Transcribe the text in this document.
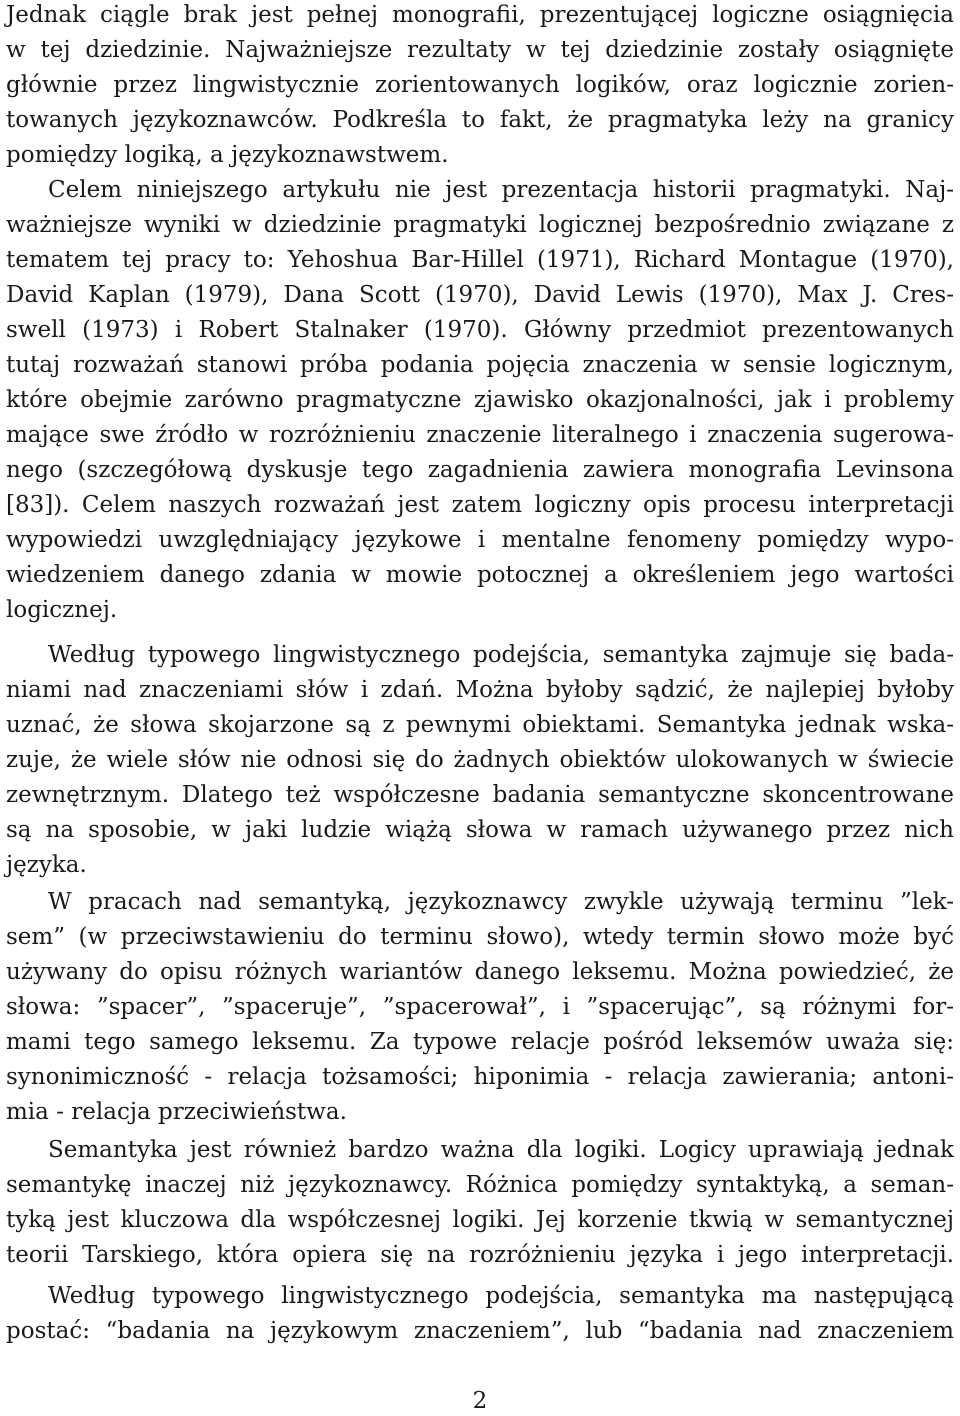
Jednak ciągle brak jest pełnej monografii, prezentującej logiczne osiągnięcia
w tej dziedzinie. Najważniejsze rezultaty w tej dziedzinie zostały osiągnięte
głównie przez lingwistycznie zorientowanych logików, oraz logicznie zorien-
towanych językoznawców. Podkreśla to fakt, że pragmatyka leży na granicy
pomiędzy logiką, a językoznawstwem.
Celem niniejszego artykułu nie jest prezentacja historii pragmatyki. Naj-
ważniejsze wyniki w dziedzinie pragmatyki logicznej bezpośrednio związane z
tematem tej pracy to: Yehoshua Bar-Hillel (1971), Richard Montague (1970),
David Kaplan (1979), Dana Scott (1970), David Lewis (1970), Max J. Cres-
swell (1973) i Robert Stalnaker (1970). Główny przedmiot prezentowanych
tutaj rozważań stanowi próba podania pojęcia znaczenia w sensie logicznym,
które obejmie zarówno pragmatyczne zjawisko okazjonalności, jak i problemy
mające swe źródło w rozróżnieniu znaczenie literalnego i znaczenia sugerowa-
nego (szczegółową dyskusje tego zagadnienia zawiera monografia Levinsona
[83]). Celem naszych rozważań jest zatem logiczny opis procesu interpretacji
wypowiedzi uwzględniający językowe i mentalne fenomeny pomiędzy wypo-
wiedzeniem danego zdania w mowie potocznej a określeniem jego wartości
logicznej.
Według typowego lingwistycznego podejścia, semantyka zajmuje się bada-
niami nad znaczeniami słów i zdań. Można byłoby sądzić, że najlepiej byłoby
uznać, że słowa skojarzone są z pewnymi obiektami. Semantyka jednak wska-
zuje, że wiele słów nie odnosi się do żadnych obiektów ulokowanych w świecie
zewnętrznym. Dlatego też współczesne badania semantyczne skoncentrowane
są na sposobie, w jaki ludzie wiążą słowa w ramach używanego przez nich
języka.
W pracach nad semantyką, językoznawcy zwykle używają terminu ”lek-
sem” (w przeciwstawieniu do terminu słowo), wtedy termin słowo może być
używany do opisu różnych wariantów danego leksemu. Można powiedzieć, że
słowa: ”spacer”, ”spaceruje”, ”spacerował”, i ”spacerując”, są różnymi for-
mami tego samego leksemu. Za typowe relacje pośród leksemów uważa się:
synonimiczność - relacja tożsamości; hiponimia - relacja zawierania; antoni-
mia - relacja przeciwieństwa.
Semantyka jest również bardzo ważna dla logiki. Logicy uprawiają jednak
semantykę inaczej niż językoznawcy. Różnica pomiędzy syntaktyką, a seman-
tyką jest kluczowa dla współczesnej logiki. Jej korzenie tkwią w semantycznej
teorii Tarskiego, która opiera się na rozróżnieniu języka i jego interpretacji.
Według typowego lingwistycznego podejścia, semantyka ma następującą
postać: “badania na językowym znaczeniem”, lub “badania nad znaczeniem
2
